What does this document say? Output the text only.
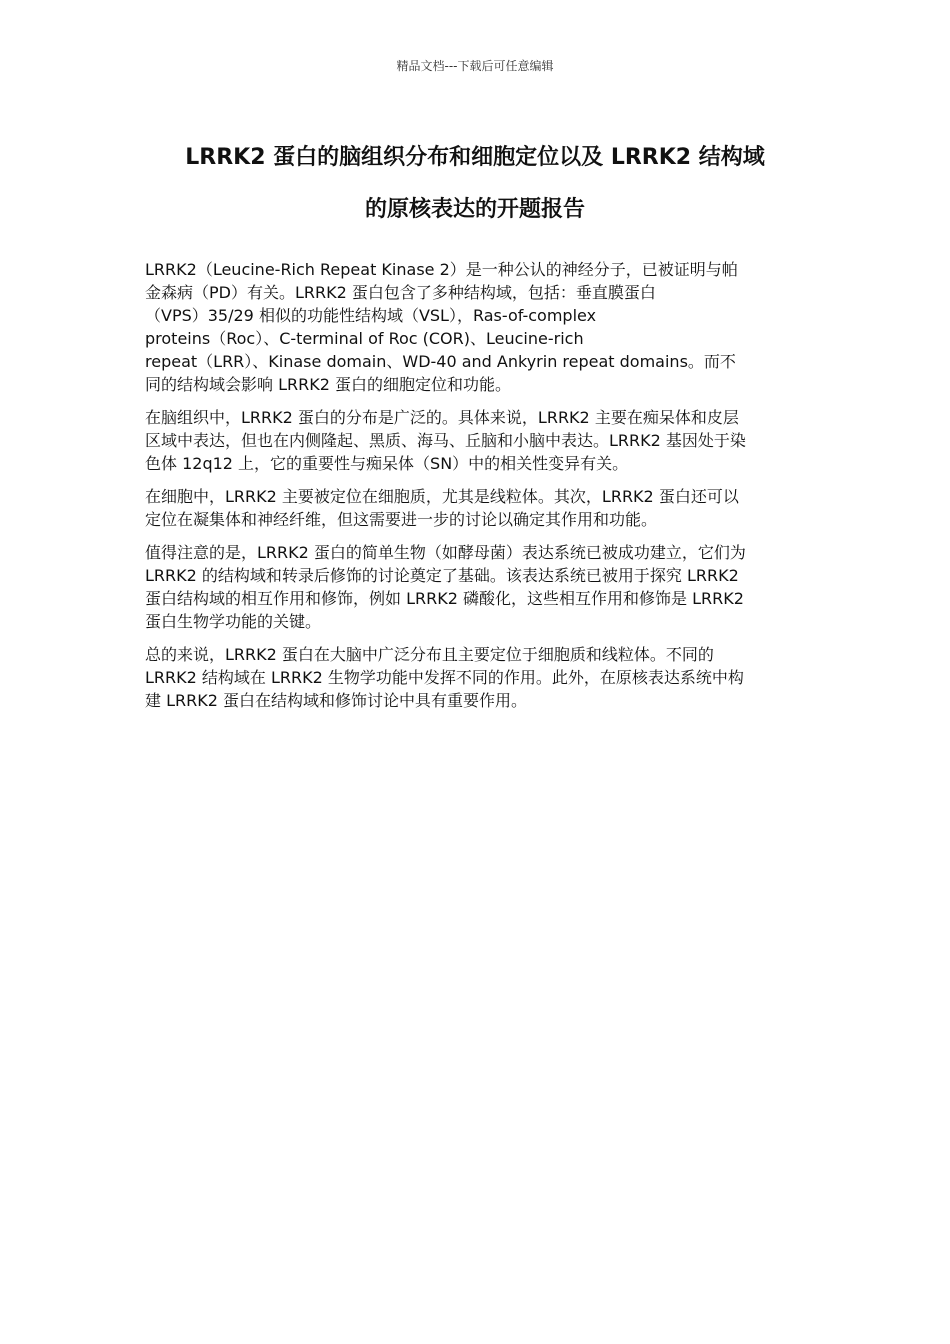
精品文档---下载后可任意编辑
LRRK2 蛋白的脑组织分布和细胞定位以及 LRRK2 结构域
的原核表达的开题报告

LRRK2（Leucine-Rich Repeat Kinase 2）是一种公认的神经分子，已被证明与帕
金森病（PD）有关。LRRK2 蛋白包含了多种结构域，包括：垂直膜蛋白
（VPS）35/29 相似的功能性结构域（VSL），Ras-of-complex
proteins（Roc）、C-terminal of Roc (COR)、Leucine-rich
repeat（LRR）、Kinase domain、WD-40 and Ankyrin repeat domains。而不
同的结构域会影响 LRRK2 蛋白的细胞定位和功能。

在脑组织中，LRRK2 蛋白的分布是广泛的。具体来说，LRRK2 主要在痴呆体和皮层
区域中表达，但也在内侧隆起、黑质、海马、丘脑和小脑中表达。LRRK2 基因处于染
色体 12q12 上，它的重要性与痴呆体（SN）中的相关性变异有关。

在细胞中，LRRK2 主要被定位在细胞质，尤其是线粒体。其次，LRRK2 蛋白还可以
定位在凝集体和神经纤维，但这需要进一步的讨论以确定其作用和功能。

值得注意的是，LRRK2 蛋白的简单生物（如酵母菌）表达系统已被成功建立，它们为
LRRK2 的结构域和转录后修饰的讨论奠定了基础。该表达系统已被用于探究 LRRK2
蛋白结构域的相互作用和修饰，例如 LRRK2 磷酸化，这些相互作用和修饰是 LRRK2
蛋白生物学功能的关键。

总的来说，LRRK2 蛋白在大脑中广泛分布且主要定位于细胞质和线粒体。不同的
LRRK2 结构域在 LRRK2 生物学功能中发挥不同的作用。此外，在原核表达系统中构
建 LRRK2 蛋白在结构域和修饰讨论中具有重要作用。
